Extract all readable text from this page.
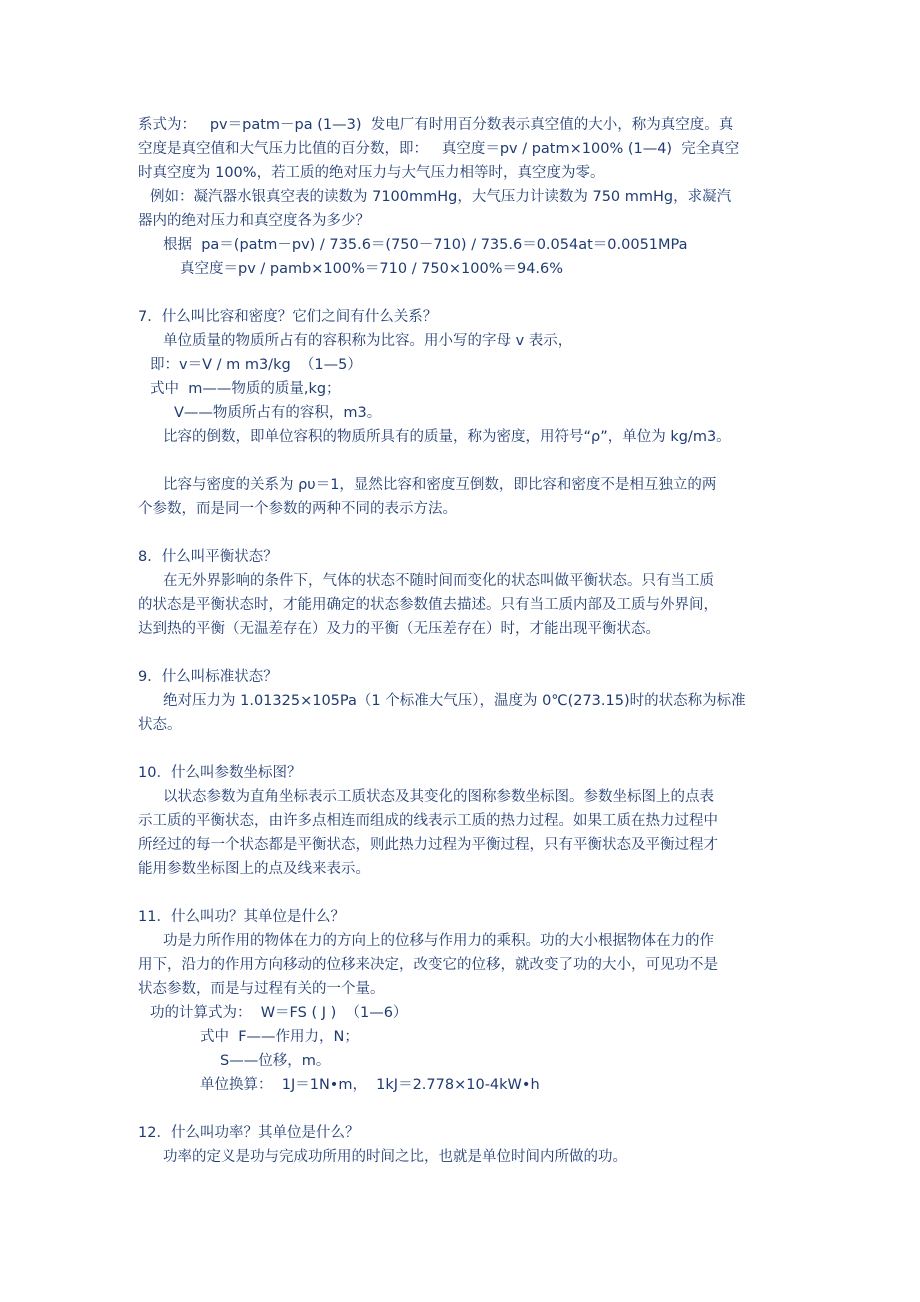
系式为：   pv＝patm－pa (1—3)  发电厂有时用百分数表示真空值的大小，称为真空度。真

空度是真空值和大气压力比值的百分数，即：   真空度＝pv / patm×100% (1—4)  完全真空

时真空度为 100%，若工质的绝对压力与大气压力相等时，真空度为零。

例如：凝汽器水银真空表的读数为 7100mmHg，大气压力计读数为 750 mmHg，求凝汽

器内的绝对压力和真空度各为多少？

根据  pa＝(patm－pv) / 735.6＝(750－710) / 735.6＝0.054at＝0.0051MPa

真空度＝pv / pamb×100%＝710 / 750×100%＝94.6%

7．什么叫比容和密度？它们之间有什么关系？

单位质量的物质所占有的容积称为比容。用小写的字母 v 表示，

即：v＝V / m m3/kg  （1—5）

式中  m——物质的质量,kg；

V——物质所占有的容积，m3。

比容的倒数，即单位容积的物质所具有的质量，称为密度，用符号“ρ”，单位为 kg/m3。

比容与密度的关系为 ρυ＝1，显然比容和密度互倒数，即比容和密度不是相互独立的两

个参数，而是同一个参数的两种不同的表示方法。

8．什么叫平衡状态？

在无外界影响的条件下，气体的状态不随时间而变化的状态叫做平衡状态。只有当工质

的状态是平衡状态时，才能用确定的状态参数值去描述。只有当工质内部及工质与外界间，

达到热的平衡（无温差存在）及力的平衡（无压差存在）时，才能出现平衡状态。

9．什么叫标准状态？

绝对压力为 1.01325×105Pa（1 个标准大气压），温度为 0℃(273.15)时的状态称为标准

状态。

10．什么叫参数坐标图？

以状态参数为直角坐标表示工质状态及其变化的图称参数坐标图。参数坐标图上的点表

示工质的平衡状态，由许多点相连而组成的线表示工质的热力过程。如果工质在热力过程中

所经过的每一个状态都是平衡状态，则此热力过程为平衡过程，只有平衡状态及平衡过程才

能用参数坐标图上的点及线来表示。

11．什么叫功？其单位是什么？

功是力所作用的物体在力的方向上的位移与作用力的乘积。功的大小根据物体在力的作

用下，沿力的作用方向移动的位移来决定，改变它的位移，就改变了功的大小，可见功不是

状态参数，而是与过程有关的一个量。

功的计算式为：  W＝FS ( J )  （1—6）

式中  F——作用力，N；

S——位移，m。

单位换算：  1J＝1N•m，  1kJ＝2.778×10-4kW•h

12．什么叫功率？其单位是什么？

功率的定义是功与完成功所用的时间之比，也就是单位时间内所做的功。
